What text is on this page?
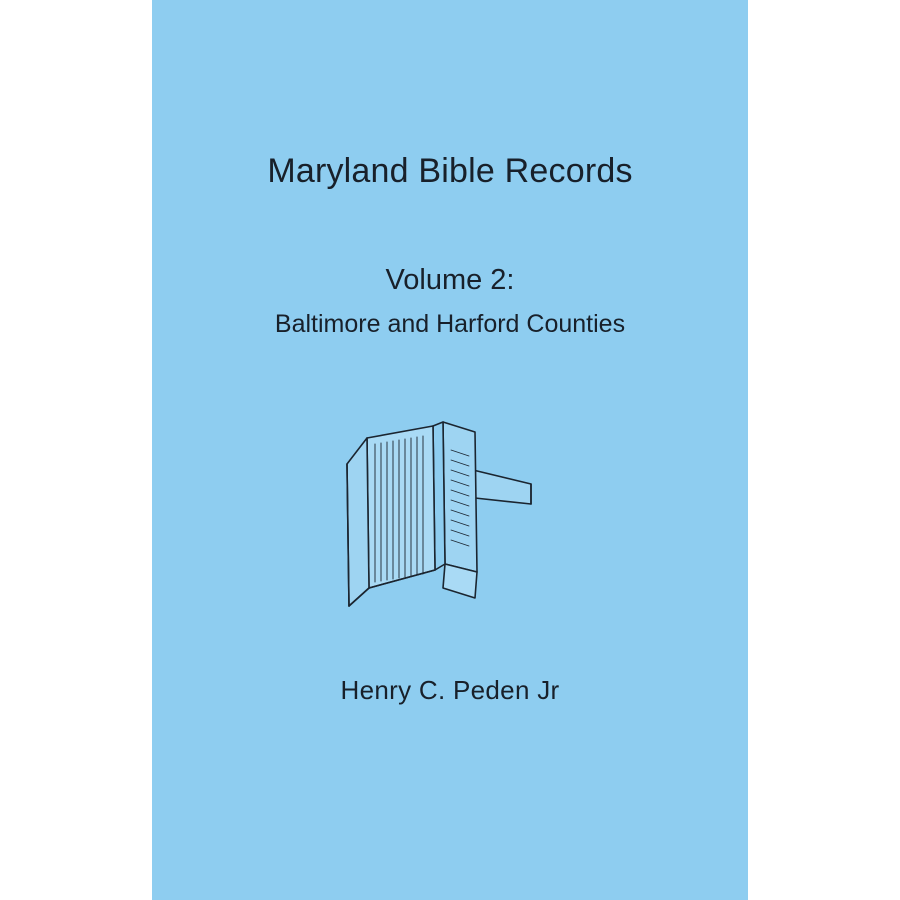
Maryland Bible Records
Volume 2:
Baltimore and Harford Counties
Henry C. Peden Jr
